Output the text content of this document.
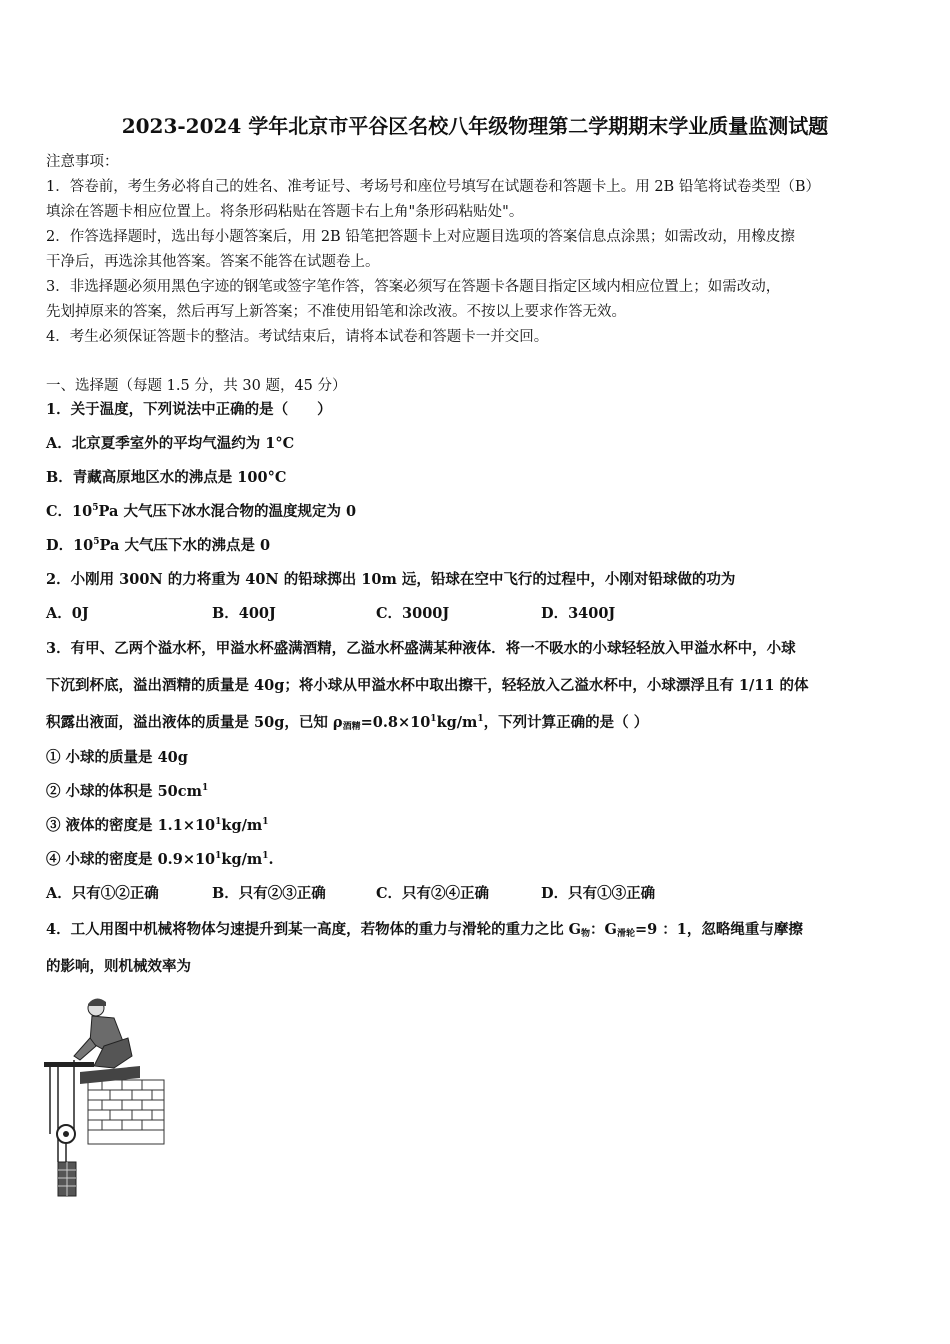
2023-2024 学年北京市平谷区名校八年级物理第二学期期末学业质量监测试题
注意事项：
1．答卷前，考生务必将自己的姓名、准考证号、考场号和座位号填写在试题卷和答题卡上。用 2B 铅笔将试卷类型（B）
填涂在答题卡相应位置上。将条形码粘贴在答题卡右上角"条形码粘贴处"。
2．作答选择题时，选出每小题答案后，用 2B 铅笔把答题卡上对应题目选项的答案信息点涂黑；如需改动，用橡皮擦
干净后，再选涂其他答案。答案不能答在试题卷上。
3．非选择题必须用黑色字迹的钢笔或签字笔作答，答案必须写在答题卡各题目指定区域内相应位置上；如需改动，
先划掉原来的答案，然后再写上新答案；不准使用铅笔和涂改液。不按以上要求作答无效。
4．考生必须保证答题卡的整洁。考试结束后，请将本试卷和答题卡一并交回。
一、选择题（每题 1.5 分，共 30 题，45 分）
1．关于温度，下列说法中正确的是（　　）
A．北京夏季室外的平均气温约为 1°C
B．青藏高原地区水的沸点是 100°C
C．$10^5Pa$ 大气压下冰水混合物的温度规定为 0
D．$10^5Pa$ 大气压下水的沸点是 0
2．小刚用 300N 的力将重为 40N 的铅球掷出 10m 远，铅球在空中飞行的过程中，小刚对铅球做的功为
A．0J	B．400J	C．3000J	D．3400J
3．有甲、乙两个溢水杯，甲溢水杯盛满酒精，乙溢水杯盛满某种液体．将一不吸水的小球轻轻放入甲溢水杯中，小球
下沉到杯底，溢出酒精的质量是 40g；将小球从甲溢水杯中取出擦干，轻轻放入乙溢水杯中，小球漂浮且有 1/11 的体
积露出液面，溢出液体的质量是 50g，已知 $\rho_{酒精}=0.8\times 10^1kg/m^1$，下列计算正确的是（ ）
① 小球的质量是 40g
② 小球的体积是 $50cm^1$
③ 液体的密度是 $1.1\times 10^1kg/m^1$
④ 小球的密度是 $0.9\times 10^1kg/m^1$.
A．只有①②正确	B．只有②③正确	C．只有②④正确	D．只有①③正确
4．工人用图中机械将物体匀速提升到某一高度，若物体的重力与滑轮的重力之比 $G_物$：$G_{滑轮}=9$ ：1，忽略绳重与摩擦
的影响，则机械效率为
